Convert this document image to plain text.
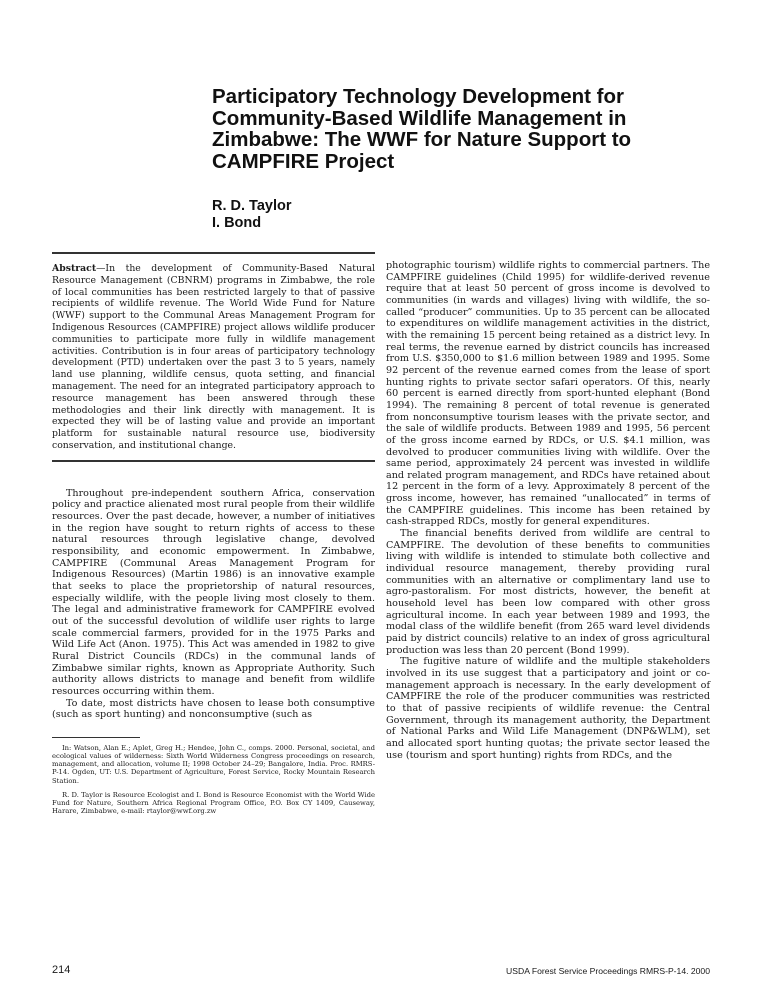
Participatory Technology Development for Community-Based Wildlife Management in Zimbabwe: The WWF for Nature Support to CAMPFIRE Project
R. D. Taylor
I. Bond

Abstract—In the development of Community-Based Natural Resource Management (CBNRM) programs in Zimbabwe, the role of local communities has been restricted largely to that of passive recipients of wildlife revenue. The World Wide Fund for Nature (WWF) support to the Communal Areas Management Program for Indigenous Resources (CAMPFIRE) project allows wildlife producer communities to participate more fully in wildlife management activities. Contribution is in four areas of participatory technology development (PTD) undertaken over the past 3 to 5 years, namely land use planning, wildlife census, quota setting, and financial management. The need for an integrated participatory approach to resource management has been answered through these methodologies and their link directly with management. It is expected they will be of lasting value and provide an important platform for sustainable natural resource use, biodiversity conservation, and institutional change.

Throughout pre-independent southern Africa, conservation policy and practice alienated most rural people from their wildlife resources. Over the past decade, however, a number of initiatives in the region have sought to return rights of access to these natural resources through legislative change, devolved responsibility, and economic empowerment. In Zimbabwe, CAMPFIRE (Communal Areas Management Program for Indigenous Resources) (Martin 1986) is an innovative example that seeks to place the proprietorship of natural resources, especially wildlife, with the people living most closely to them. The legal and administrative framework for CAMPFIRE evolved out of the successful devolution of wildlife user rights to large scale commercial farmers, provided for in the 1975 Parks and Wild Life Act (Anon. 1975). This Act was amended in 1982 to give Rural District Councils (RDCs) in the communal lands of Zimbabwe similar rights, known as Appropriate Authority. Such authority allows districts to manage and benefit from wildlife resources occurring within them.

To date, most districts have chosen to lease both consumptive (such as sport hunting) and nonconsumptive (such as

In: Watson, Alan E.; Aplet, Greg H.; Hendee, John C., comps. 2000. Personal, societal, and ecological values of wilderness: Sixth World Wilderness Congress proceedings on research, management, and allocation, volume II; 1998 October 24–29; Bangalore, India. Proc. RMRS-P-14. Ogden, UT: U.S. Department of Agriculture, Forest Service, Rocky Mountain Research Station.

R. D. Taylor is Resource Ecologist and I. Bond is Resource Economist with the World Wide Fund for Nature, Southern Africa Regional Program Office, P.O. Box CY 1409, Causeway, Harare, Zimbabwe, e-mail: rtaylor@wwf.org.zw

photographic tourism) wildlife rights to commercial partners. The CAMPFIRE guidelines (Child 1995) for wildlife-derived revenue require that at least 50 percent of gross income is devolved to communities (in wards and villages) living with wildlife, the so-called “producer” communities. Up to 35 percent can be allocated to expenditures on wildlife management activities in the district, with the remaining 15 percent being retained as a district levy. In real terms, the revenue earned by district councils has increased from U.S. $350,000 to $1.6 million between 1989 and 1995. Some 92 percent of the revenue earned comes from the lease of sport hunting rights to private sector safari operators. Of this, nearly 60 percent is earned directly from sport-hunted elephant (Bond 1994). The remaining 8 percent of total revenue is generated from nonconsumptive tourism leases with the private sector, and the sale of wildlife products. Between 1989 and 1995, 56 percent of the gross income earned by RDCs, or U.S. $4.1 million, was devolved to producer communities living with wildlife. Over the same period, approximately 24 percent was invested in wildlife and related program management, and RDCs have retained about 12 percent in the form of a levy. Approximately 8 percent of the gross income, however, has remained “unallocated” in terms of the CAMPFIRE guidelines. This income has been retained by cash-strapped RDCs, mostly for general expenditures.

The financial benefits derived from wildlife are central to CAMPFIRE. The devolution of these benefits to communities living with wildlife is intended to stimulate both collective and individual resource management, thereby providing rural communities with an alternative or complimentary land use to agro-pastoralism. For most districts, however, the benefit at household level has been low compared with other gross agricultural income. In each year between 1989 and 1993, the modal class of the wildlife benefit (from 265 ward level dividends paid by district councils) relative to an index of gross agricultural production was less than 20 percent (Bond 1999).

The fugitive nature of wildlife and the multiple stakeholders involved in its use suggest that a participatory and joint or co-management approach is necessary. In the early development of CAMPFIRE the role of the producer communities was restricted to that of passive recipients of wildlife revenue: the Central Government, through its management authority, the Department of National Parks and Wild Life Management (DNP&WLM), set and allocated sport hunting quotas; the private sector leased the use (tourism and sport hunting) rights from RDCs, and the

214	USDA Forest Service Proceedings RMRS-P-14. 2000
